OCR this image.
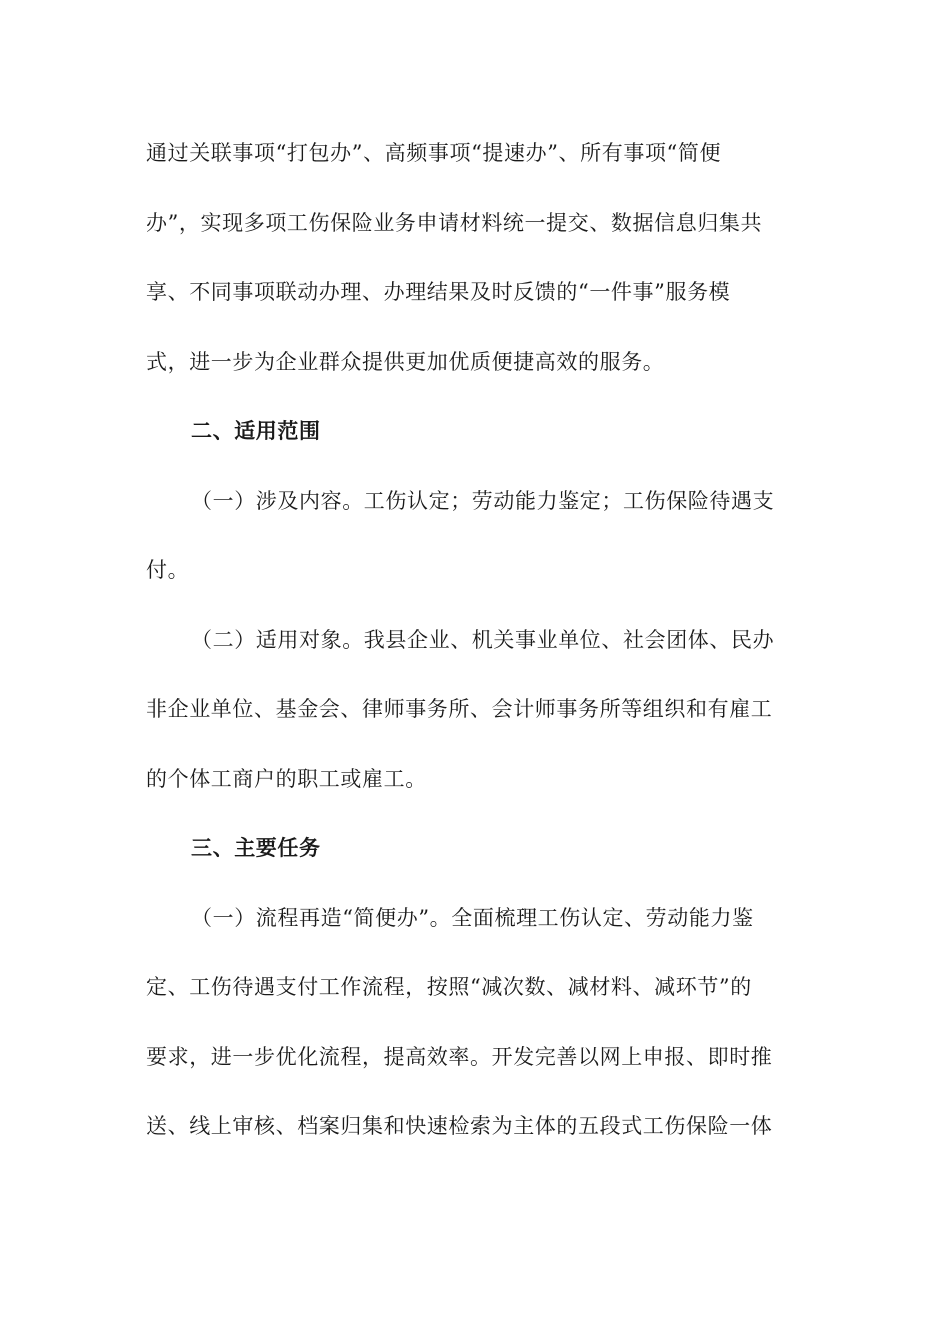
通过关联事项“打包办”、高频事项“提速办”、所有事项“简便
办”，实现多项工伤保险业务申请材料统一提交、数据信息归集共
享、不同事项联动办理、办理结果及时反馈的“一件事”服务模
式，进一步为企业群众提供更加优质便捷高效的服务。
二、适用范围
（一）涉及内容。工伤认定；劳动能力鉴定；工伤保险待遇支
付。
（二）适用对象。我县企业、机关事业单位、社会团体、民办
非企业单位、基金会、律师事务所、会计师事务所等组织和有雇工
的个体工商户的职工或雇工。
三、主要任务
（一）流程再造“简便办”。全面梳理工伤认定、劳动能力鉴
定、工伤待遇支付工作流程，按照“减次数、减材料、减环节”的
要求，进一步优化流程，提高效率。开发完善以网上申报、即时推
送、线上审核、档案归集和快速检索为主体的五段式工伤保险一体
